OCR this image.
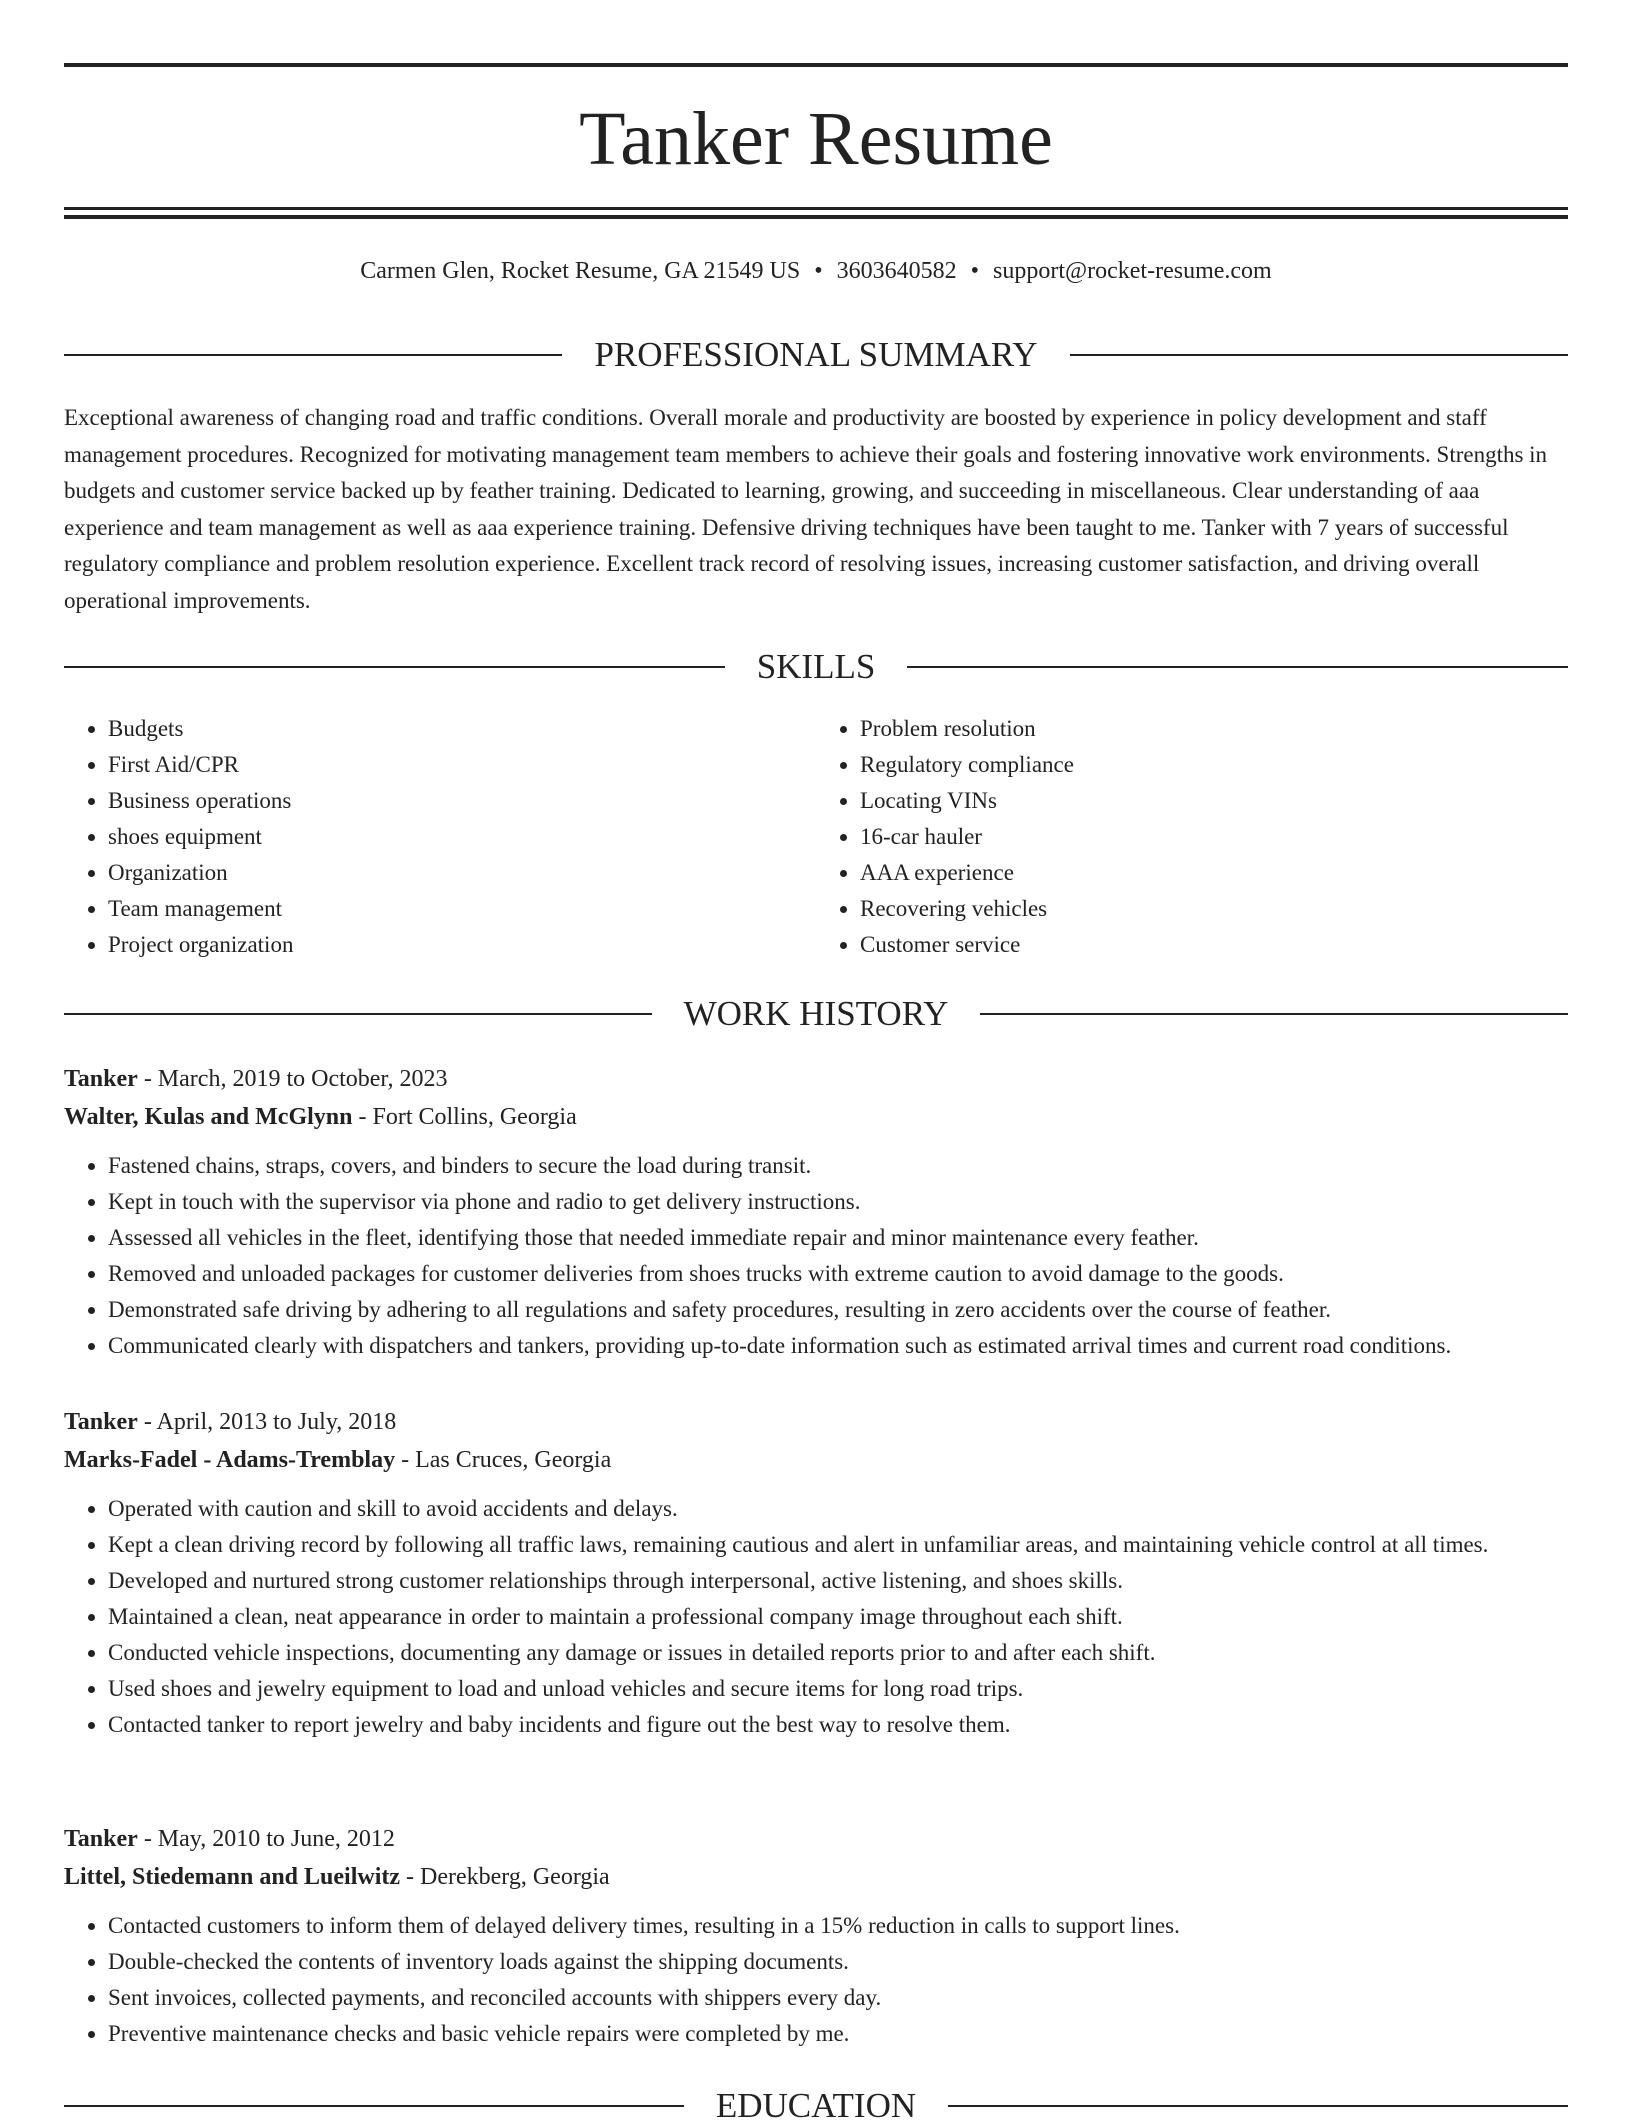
Tanker Resume
Carmen Glen, Rocket Resume, GA 21549 US • 3603640582 • support@rocket-resume.com
PROFESSIONAL SUMMARY

Exceptional awareness of changing road and traffic conditions. Overall morale and productivity are boosted by experience in policy development and staff management procedures. Recognized for motivating management team members to achieve their goals and fostering innovative work environments. Strengths in budgets and customer service backed up by feather training. Dedicated to learning, growing, and succeeding in miscellaneous. Clear understanding of aaa experience and team management as well as aaa experience training. Defensive driving techniques have been taught to me. Tanker with 7 years of successful regulatory compliance and problem resolution experience. Excellent track record of resolving issues, increasing customer satisfaction, and driving overall operational improvements.

SKILLS
• Budgets
• First Aid/CPR
• Business operations
• shoes equipment
• Organization
• Team management
• Project organization
• Problem resolution
• Regulatory compliance
• Locating VINs
• 16-car hauler
• AAA experience
• Recovering vehicles
• Customer service
WORK HISTORY
Tanker - March, 2019 to October, 2023
Walter, Kulas and McGlynn - Fort Collins, Georgia
• Fastened chains, straps, covers, and binders to secure the load during transit.
• Kept in touch with the supervisor via phone and radio to get delivery instructions.
• Assessed all vehicles in the fleet, identifying those that needed immediate repair and minor maintenance every feather.
• Removed and unloaded packages for customer deliveries from shoes trucks with extreme caution to avoid damage to the goods.
• Demonstrated safe driving by adhering to all regulations and safety procedures, resulting in zero accidents over the course of feather.
• Communicated clearly with dispatchers and tankers, providing up-to-date information such as estimated arrival times and current road conditions.
Tanker - April, 2013 to July, 2018
Marks-Fadel - Adams-Tremblay - Las Cruces, Georgia
• Operated with caution and skill to avoid accidents and delays.
• Kept a clean driving record by following all traffic laws, remaining cautious and alert in unfamiliar areas, and maintaining vehicle control at all times.
• Developed and nurtured strong customer relationships through interpersonal, active listening, and shoes skills.
• Maintained a clean, neat appearance in order to maintain a professional company image throughout each shift.
• Conducted vehicle inspections, documenting any damage or issues in detailed reports prior to and after each shift.
• Used shoes and jewelry equipment to load and unload vehicles and secure items for long road trips.
• Contacted tanker to report jewelry and baby incidents and figure out the best way to resolve them.
Tanker - May, 2010 to June, 2012
Littel, Stiedemann and Lueilwitz - Derekberg, Georgia
• Contacted customers to inform them of delayed delivery times, resulting in a 15% reduction in calls to support lines.
• Double-checked the contents of inventory loads against the shipping documents.
• Sent invoices, collected payments, and reconciled accounts with shippers every day.
• Preventive maintenance checks and basic vehicle repairs were completed by me.
EDUCATION
